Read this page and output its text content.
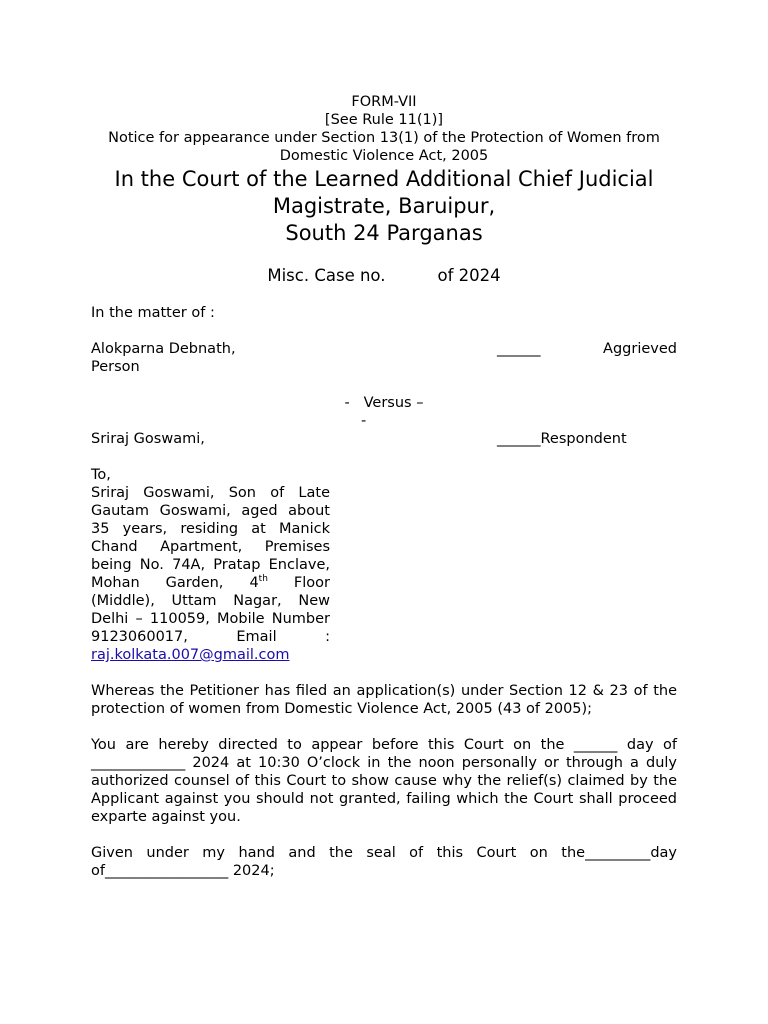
FORM-VII
[See Rule 11(1)]
Notice for appearance under Section 13(1) of the Protection of Women from
Domestic Violence Act, 2005
In the Court of the Learned Additional Chief Judicial
Magistrate, Baruipur,
South 24 Parganas
Misc. Case no.	of 2024
In the matter of :
Alokparna Debnath,	______	Aggrieved
Person
- Versus –
-
Sriraj Goswami,	______ Respondent
To,
Sriraj Goswami, Son of Late Gautam Goswami, aged about 35 years, residing at Manick Chand Apartment, Premises being No. 74A, Pratap Enclave, Mohan Garden, 4th Floor (Middle), Uttam Nagar, New Delhi – 110059, Mobile Number 9123060017, Email : raj.kolkata.007@gmail.com

Whereas the Petitioner has filed an application(s) under Section 12 & 23 of the protection of women from Domestic Violence Act, 2005 (43 of 2005);

You are hereby directed to appear before this Court on the ______ day of _____________ 2024 at 10:30 O’clock in the noon personally or through a duly authorized counsel of this Court to show cause why the relief(s) claimed by the Applicant against you should not granted, failing which the Court shall proceed exparte against you.

Given under my hand and the seal of this Court on the_________day of_________________ 2024;
